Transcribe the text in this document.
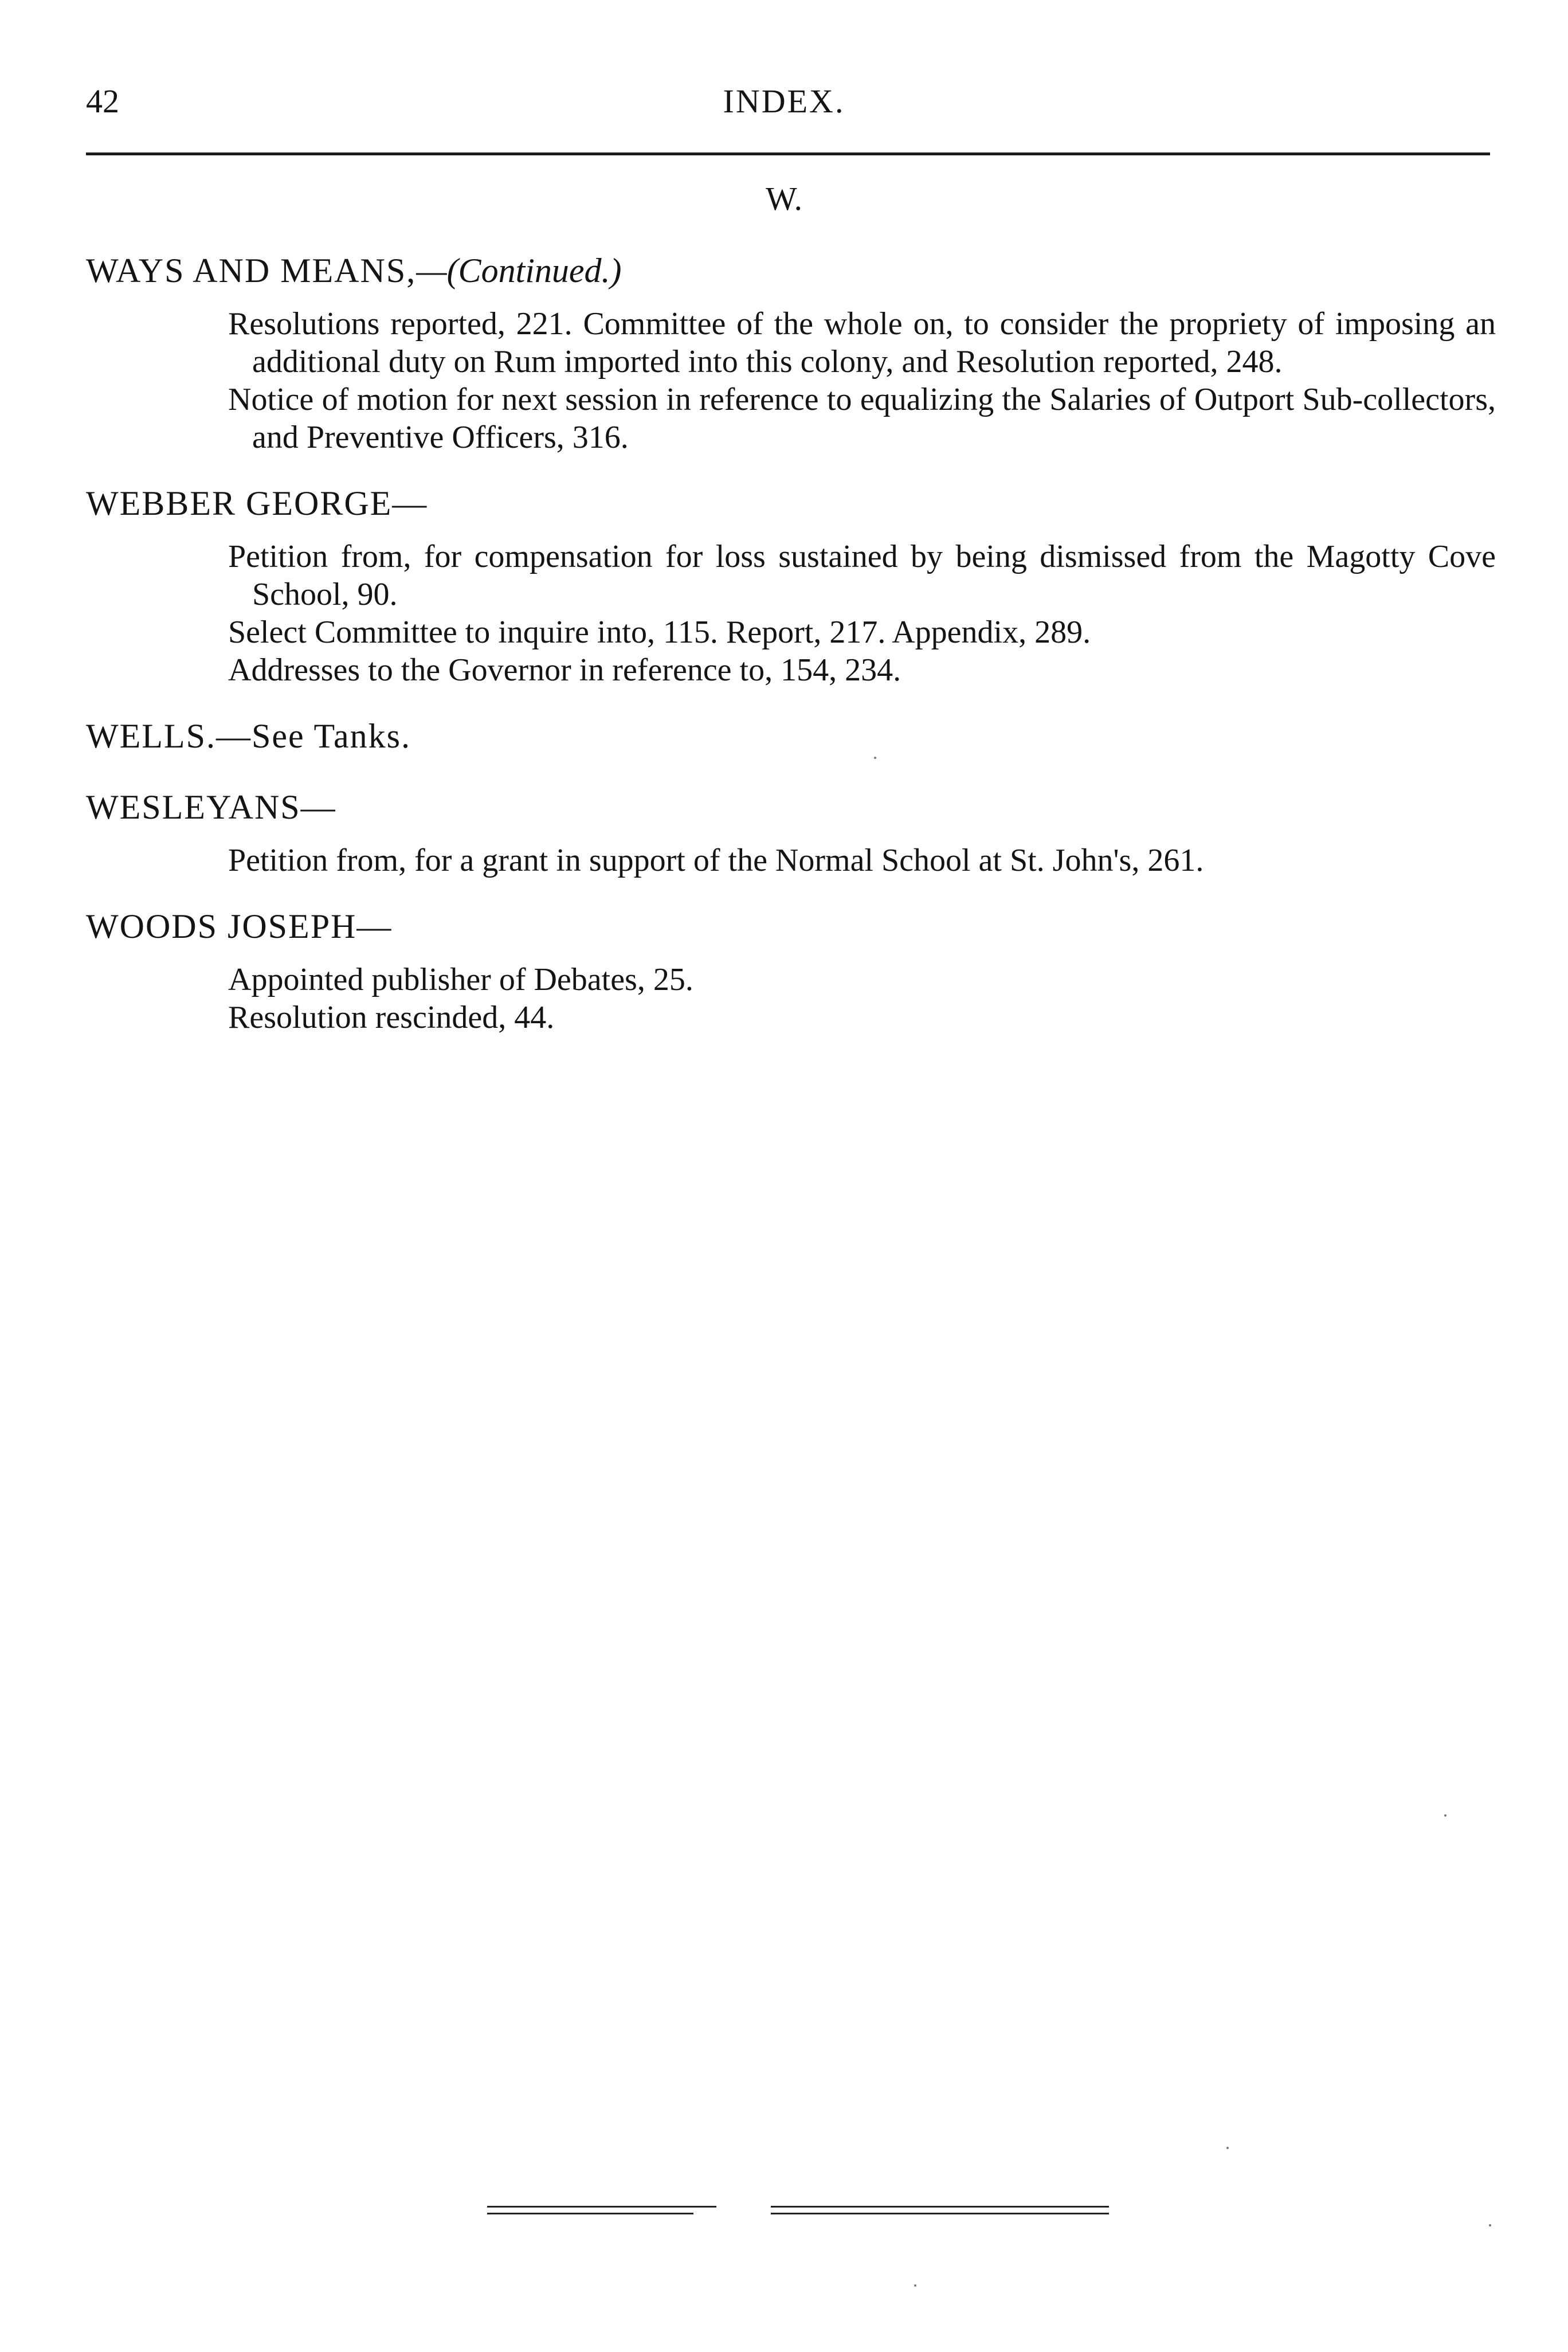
42	INDEX.
W.

WAYS AND MEANS,—(Continued.)

Resolutions reported, 221. Committee of the whole on, to consider the propriety of imposing an additional duty on Rum imported into this colony, and Resolution reported, 248.

Notice of motion for next session in reference to equalizing the Salaries of Outport Sub-collectors, and Preventive Officers, 316.

WEBBER GEORGE—

Petition from, for compensation for loss sustained by being dismissed from the Magotty Cove School, 90.

Select Committee to inquire into, 115. Report, 217. Appendix, 289.

Addresses to the Governor in reference to, 154, 234.

WELLS.—See Tanks.

WESLEYANS—

Petition from, for a grant in support of the Normal School at St. John's, 261.

WOODS JOSEPH—

Appointed publisher of Debates, 25.

Resolution rescinded, 44.
